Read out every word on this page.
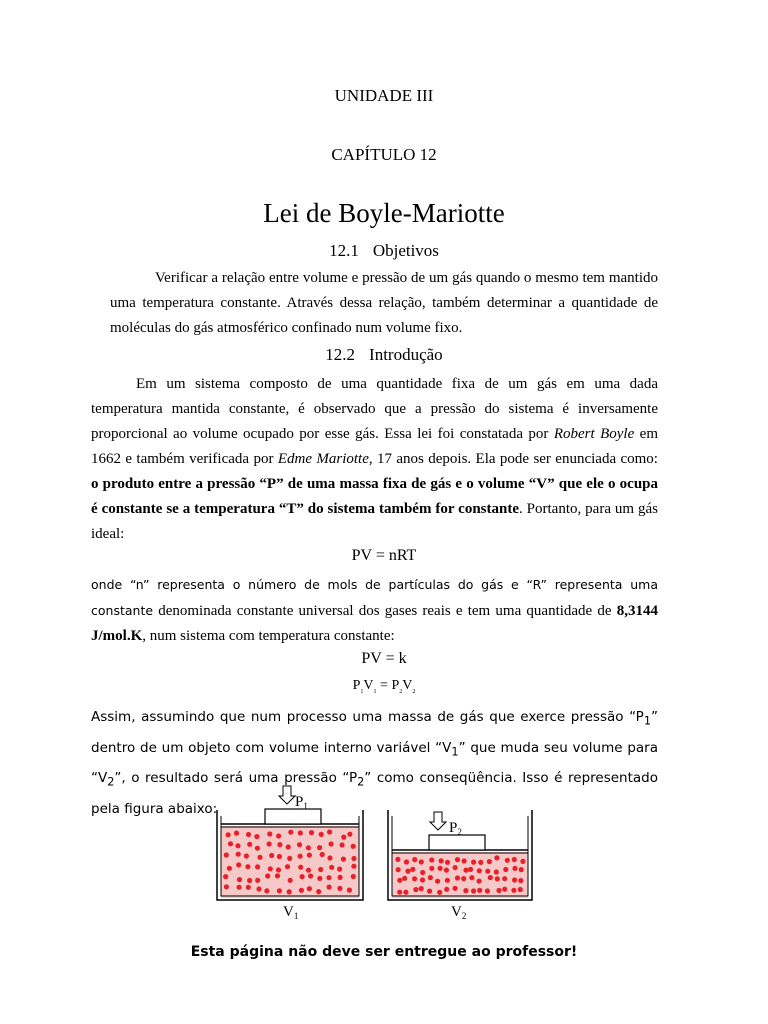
UNIDADE III
CAPÍTULO 12
Lei de Boyle-Mariotte
12.1 Objetivos
Verificar a relação entre volume e pressão de um gás quando o mesmo tem mantido uma temperatura constante. Através dessa relação, também determinar a quantidade de moléculas do gás atmosférico confinado num volume fixo.
12.2 Introdução
Em um sistema composto de uma quantidade fixa de um gás em uma dada temperatura mantida constante, é observado que a pressão do sistema é inversamente proporcional ao volume ocupado por esse gás. Essa lei foi constatada por Robert Boyle em 1662 e também verificada por Edme Mariotte, 17 anos depois. Ela pode ser enunciada como: o produto entre a pressão “P” de uma massa fixa de gás e o volume “V” que ele o ocupa é constante se a temperatura “T” do sistema também for constante. Portanto, para um gás ideal:
PV = nRT
onde “n” representa o número de mols de partículas do gás e “R” representa uma constante denominada constante universal dos gases reais e tem uma quantidade de 8,3144 J/mol.K, num sistema com temperatura constante:
PV = k
$P_1V_1 = P_2V_2$
Assim, assumindo que num processo uma massa de gás que exerce pressão “$P_1$” dentro de um objeto com volume interno variável “$V_1$” que muda seu volume para “$V_2$”, o resultado será uma pressão “$P_2$” como conseqüência. Isso é representado pela figura abaixo:	$P_1$
$P_2$
$V_1$	$V_2$
Esta página não deve ser entregue ao professor!
